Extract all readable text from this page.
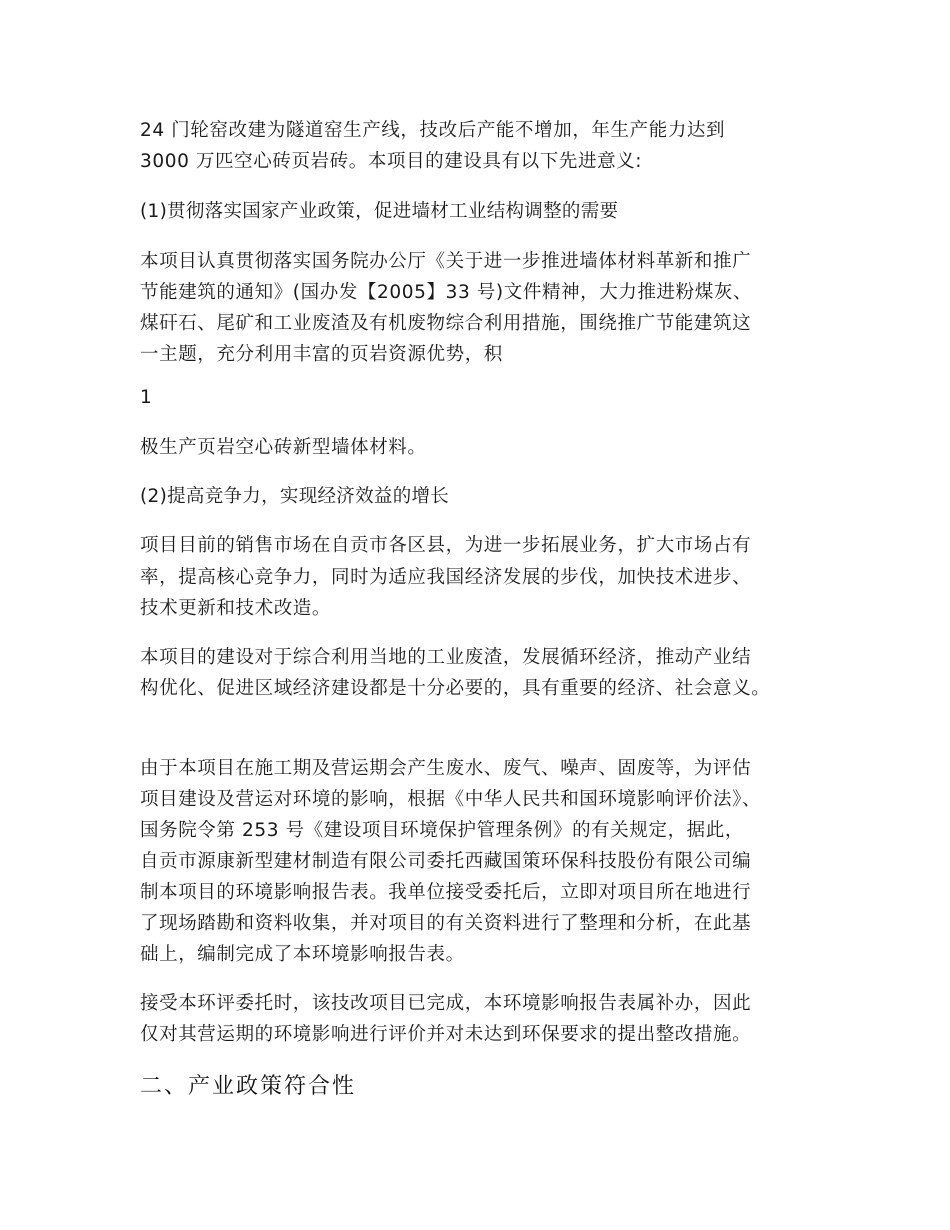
24 门轮窑改建为隧道窑生产线，技改后产能不增加，年生产能力达到
3000 万匹空心砖页岩砖。本项目的建设具有以下先进意义:
(1)贯彻落实国家产业政策，促进墙材工业结构调整的需要
本项目认真贯彻落实国务院办公厅《关于进一步推进墙体材料革新和推广
节能建筑的通知》(国办发【2005】33 号)文件精神，大力推进粉煤灰、
煤矸石、尾矿和工业废渣及有机废物综合利用措施，围绕推广节能建筑这
一主题，充分利用丰富的页岩资源优势，积
1
极生产页岩空心砖新型墙体材料。
(2)提高竞争力，实现经济效益的增长
项目目前的销售市场在自贡市各区县，为进一步拓展业务，扩大市场占有
率，提高核心竞争力，同时为适应我国经济发展的步伐，加快技术进步、
技术更新和技术改造。
本项目的建设对于综合利用当地的工业废渣，发展循环经济，推动产业结
构优化、促进区域经济建设都是十分必要的，具有重要的经济、社会意义。
由于本项目在施工期及营运期会产生废水、废气、噪声、固废等，为评估
项目建设及营运对环境的影响，根据《中华人民共和国环境影响评价法》、
国务院令第 253 号《建设项目环境保护管理条例》的有关规定，据此，
自贡市源康新型建材制造有限公司委托西藏国策环保科技股份有限公司编
制本项目的环境影响报告表。我单位接受委托后，立即对项目所在地进行
了现场踏勘和资料收集，并对项目的有关资料进行了整理和分析，在此基
础上，编制完成了本环境影响报告表。
接受本环评委托时，该技改项目已完成，本环境影响报告表属补办，因此
仅对其营运期的环境影响进行评价并对未达到环保要求的提出整改措施。
二、产业政策符合性
